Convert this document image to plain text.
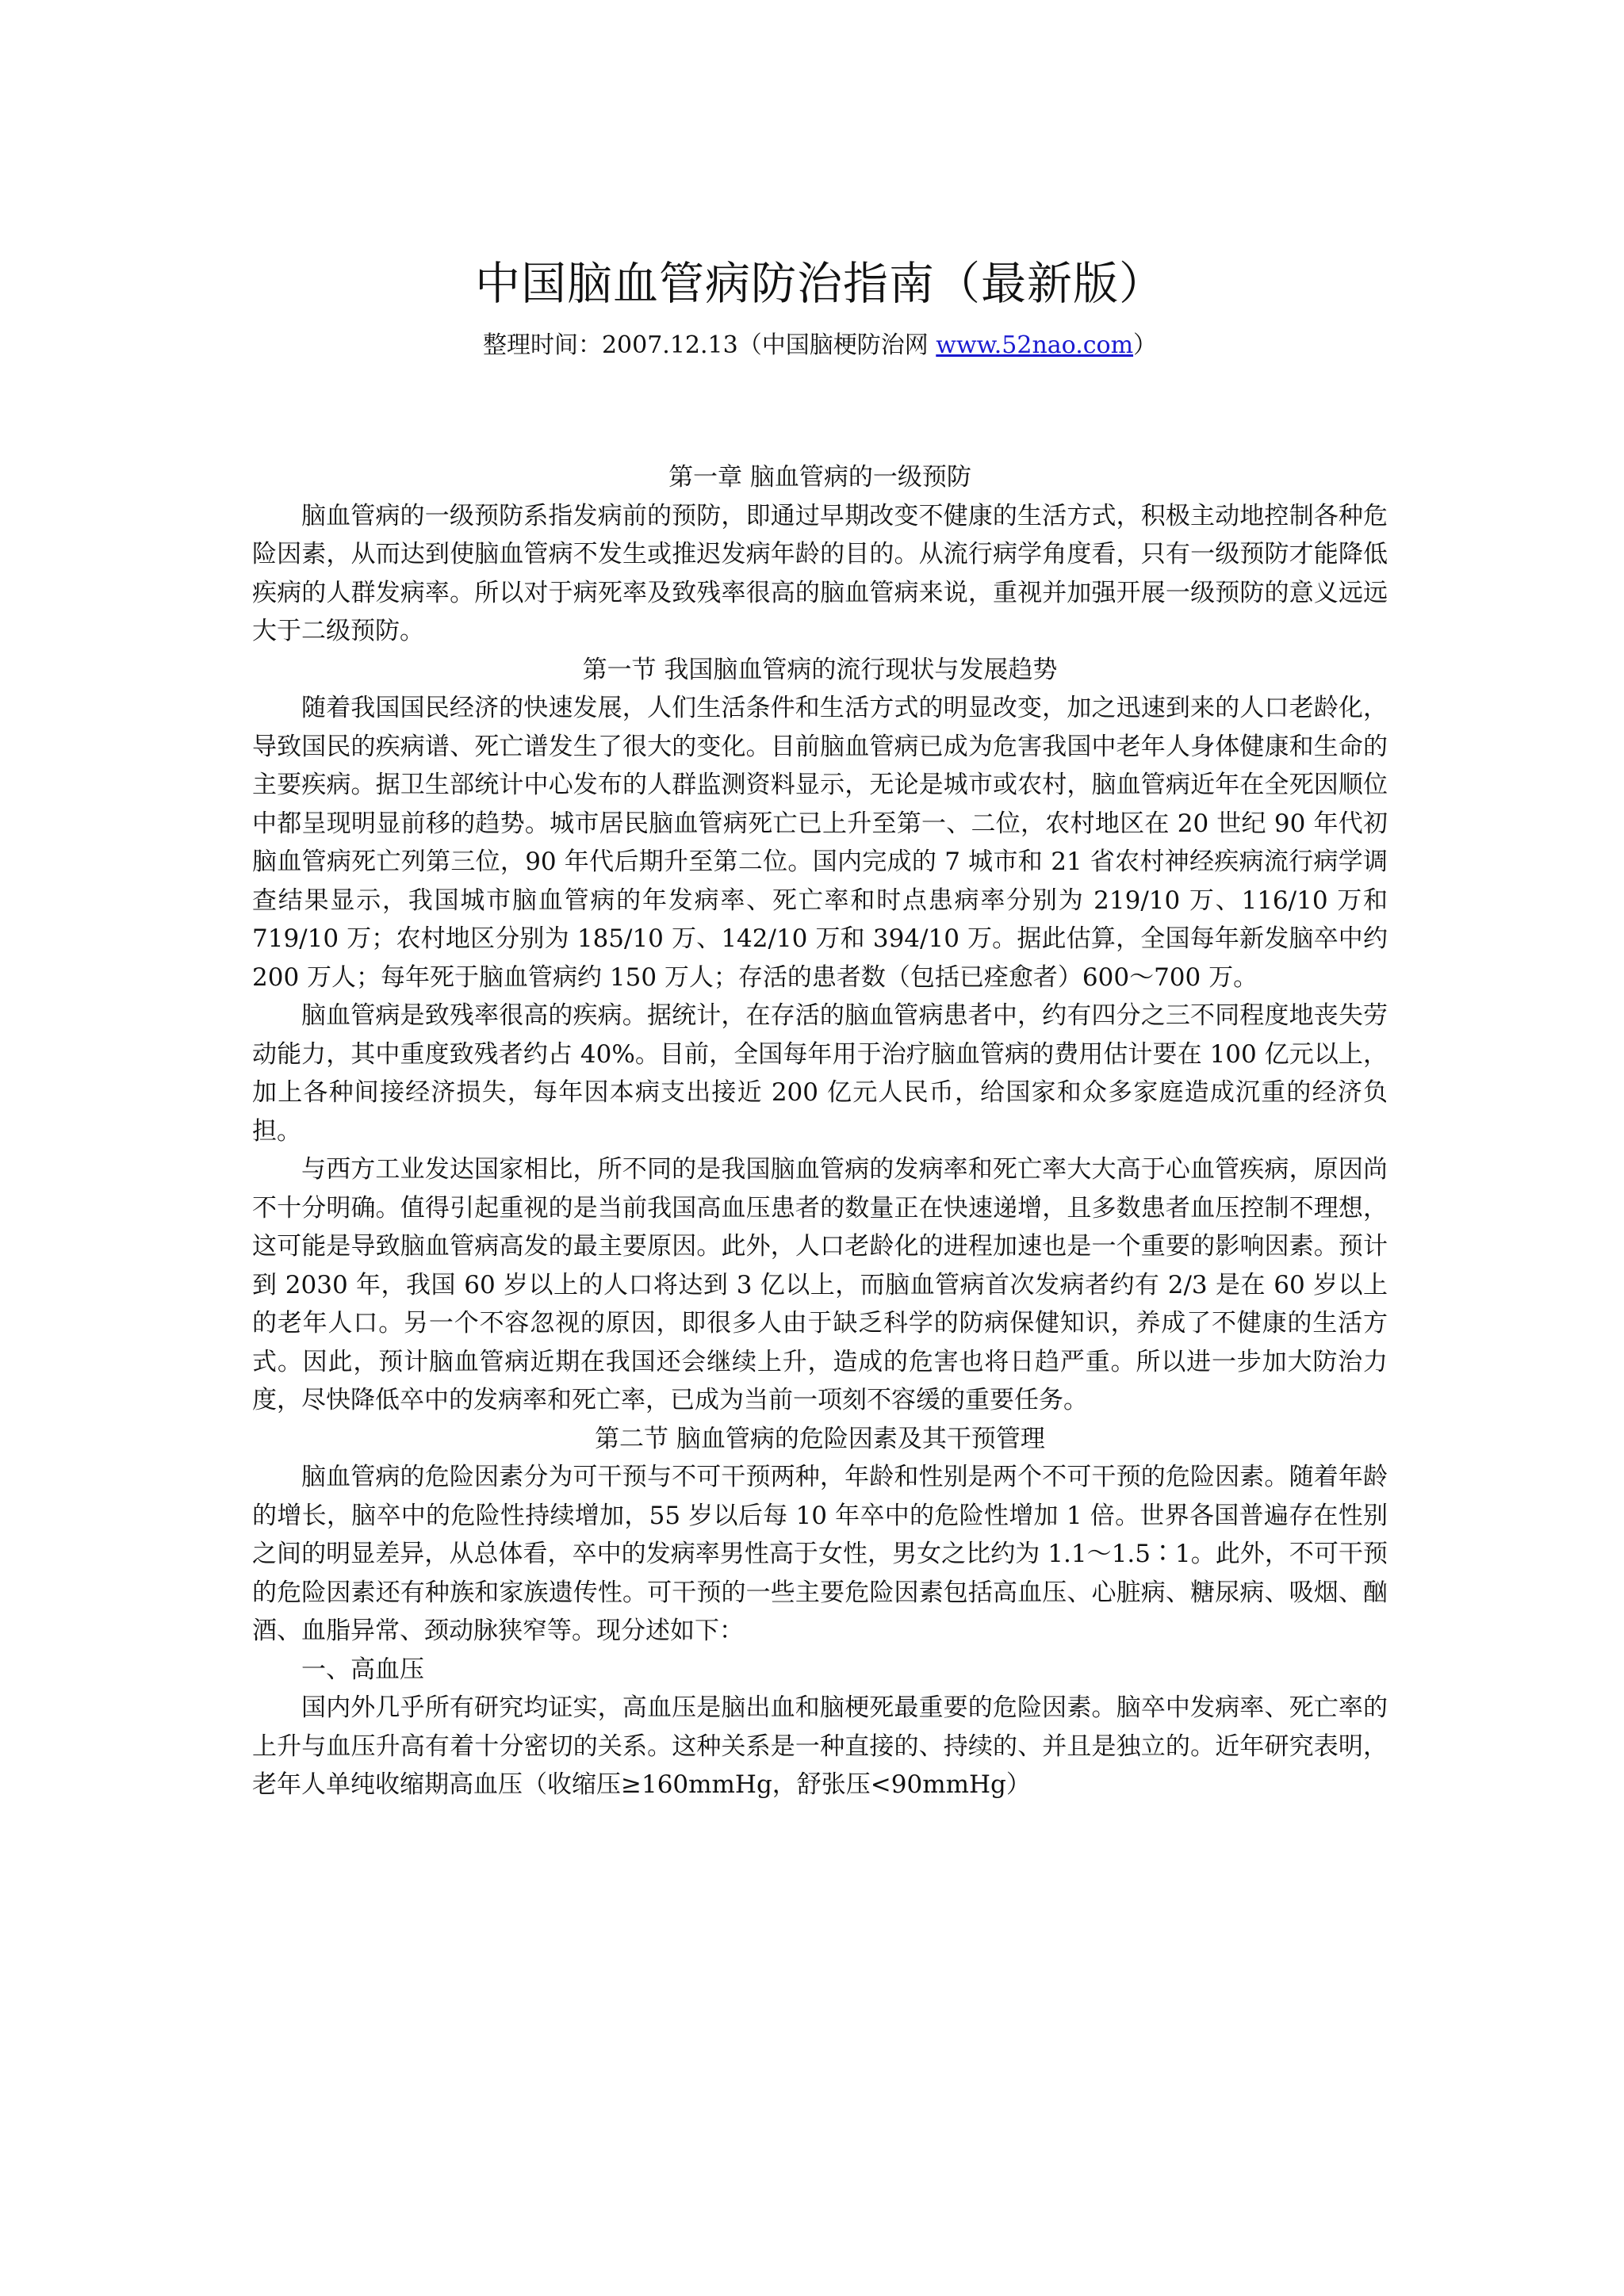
中国脑血管病防治指南（最新版）
整理时间：2007.12.13（中国脑梗防治网 www.52nao.com）
第一章 脑血管病的一级预防

脑血管病的一级预防系指发病前的预防，即通过早期改变不健康的生活方式，积极主动地控制各种危险因素，从而达到使脑血管病不发生或推迟发病年龄的目的。从流行病学角度看，只有一级预防才能降低疾病的人群发病率。所以对于病死率及致残率很高的脑血管病来说，重视并加强开展一级预防的意义远远大于二级预防。

第一节 我国脑血管病的流行现状与发展趋势

随着我国国民经济的快速发展，人们生活条件和生活方式的明显改变，加之迅速到来的人口老龄化，导致国民的疾病谱、死亡谱发生了很大的变化。目前脑血管病已成为危害我国中老年人身体健康和生命的主要疾病。据卫生部统计中心发布的人群监测资料显示，无论是城市或农村，脑血管病近年在全死因顺位中都呈现明显前移的趋势。城市居民脑血管病死亡已上升至第一、二位，农村地区在 20 世纪 90 年代初脑血管病死亡列第三位，90 年代后期升至第二位。国内完成的 7 城市和 21 省农村神经疾病流行病学调查结果显示，我国城市脑血管病的年发病率、死亡率和时点患病率分别为 219/10 万、116/10 万和 719/10 万；农村地区分别为 185/10 万、142/10 万和 394/10 万。据此估算，全国每年新发脑卒中约 200 万人；每年死于脑血管病约 150 万人；存活的患者数（包括已痊愈者）600～700 万。

脑血管病是致残率很高的疾病。据统计，在存活的脑血管病患者中，约有四分之三不同程度地丧失劳动能力，其中重度致残者约占 40%。目前，全国每年用于治疗脑血管病的费用估计要在 100 亿元以上，加上各种间接经济损失，每年因本病支出接近 200 亿元人民币，给国家和众多家庭造成沉重的经济负担。

与西方工业发达国家相比，所不同的是我国脑血管病的发病率和死亡率大大高于心血管疾病，原因尚不十分明确。值得引起重视的是当前我国高血压患者的数量正在快速递增，且多数患者血压控制不理想，这可能是导致脑血管病高发的最主要原因。此外，人口老龄化的进程加速也是一个重要的影响因素。预计到 2030 年，我国 60 岁以上的人口将达到 3 亿以上，而脑血管病首次发病者约有 2/3 是在 60 岁以上的老年人口。另一个不容忽视的原因，即很多人由于缺乏科学的防病保健知识，养成了不健康的生活方式。因此，预计脑血管病近期在我国还会继续上升，造成的危害也将日趋严重。所以进一步加大防治力度，尽快降低卒中的发病率和死亡率，已成为当前一项刻不容缓的重要任务。

第二节 脑血管病的危险因素及其干预管理

脑血管病的危险因素分为可干预与不可干预两种，年龄和性别是两个不可干预的危险因素。随着年龄的增长，脑卒中的危险性持续增加，55 岁以后每 10 年卒中的危险性增加 1 倍。世界各国普遍存在性别之间的明显差异，从总体看，卒中的发病率男性高于女性，男女之比约为 1.1～1.5∶1。此外，不可干预的危险因素还有种族和家族遗传性。可干预的一些主要危险因素包括高血压、心脏病、糖尿病、吸烟、酗酒、血脂异常、颈动脉狭窄等。现分述如下：

一、高血压

国内外几乎所有研究均证实，高血压是脑出血和脑梗死最重要的危险因素。脑卒中发病率、死亡率的上升与血压升高有着十分密切的关系。这种关系是一种直接的、持续的、并且是独立的。近年研究表明，老年人单纯收缩期高血压（收缩压≥160mmHg，舒张压<90mmHg）
